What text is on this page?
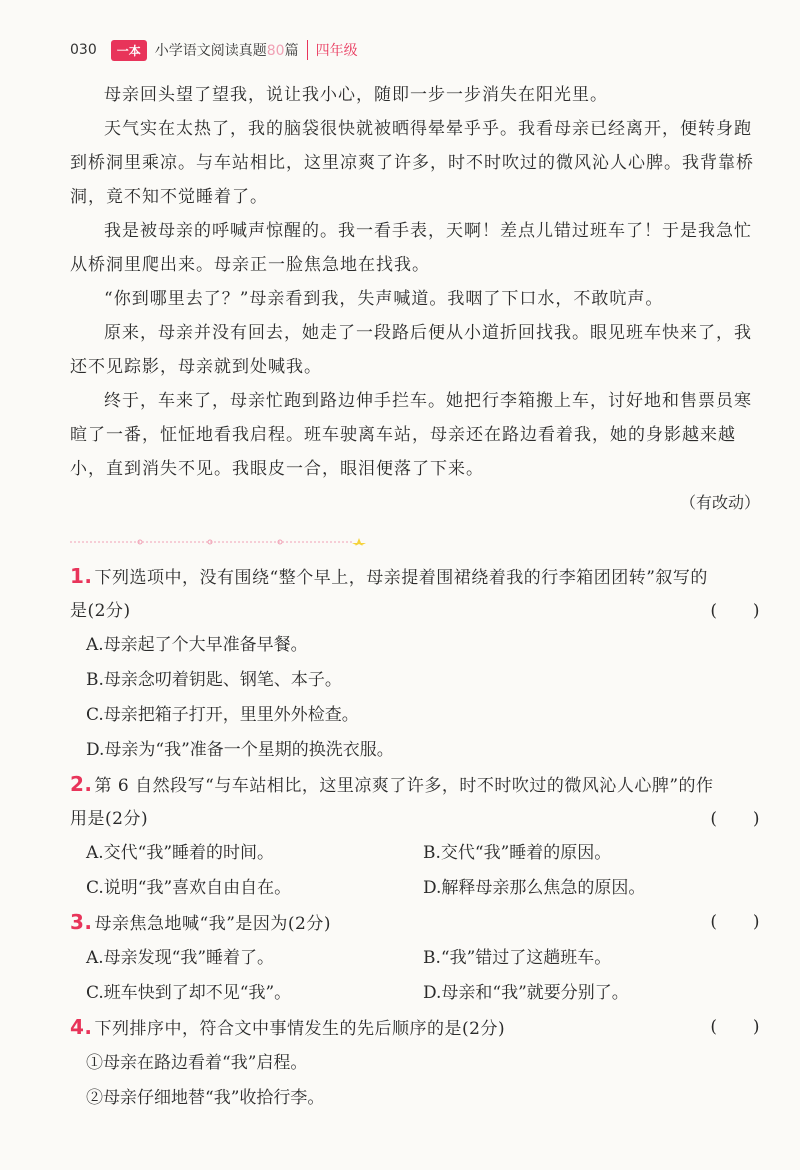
030	一本	小学语文阅读真题80篇	四年级

母亲回头望了望我，说让我小心，随即一步一步消失在阳光里。

天气实在太热了，我的脑袋很快就被晒得晕晕乎乎。我看母亲已经离开，便转身跑到桥洞里乘凉。与车站相比，这里凉爽了许多，时不时吹过的微风沁人心脾。我背靠桥洞，竟不知不觉睡着了。

我是被母亲的呼喊声惊醒的。我一看手表，天啊！差点儿错过班车了！于是我急忙从桥洞里爬出来。母亲正一脸焦急地在找我。

“你到哪里去了？”母亲看到我，失声喊道。我咽了下口水，不敢吭声。

原来，母亲并没有回去，她走了一段路后便从小道折回找我。眼见班车快来了，我还不见踪影，母亲就到处喊我。

终于，车来了，母亲忙跑到路边伸手拦车。她把行李箱搬上车，讨好地和售票员寒暄了一番，怔怔地看我启程。班车驶离车站，母亲还在路边看着我，她的身影越来越小，直到消失不见。我眼皮一合，眼泪便落了下来。

（有改动）
1. 下列选项中，没有围绕“整个早上，母亲提着围裙绕着我的行李箱团团转”叙写的
是(2分)	(      )
A.母亲起了个大早准备早餐。
B.母亲念叨着钥匙、钢笔、本子。
C.母亲把箱子打开，里里外外检查。
D.母亲为“我”准备一个星期的换洗衣服。
2. 第 6 自然段写“与车站相比，这里凉爽了许多，时不时吹过的微风沁人心脾”的作
用是(2分)	(      )
A.交代“我”睡着的时间。	B.交代“我”睡着的原因。
C.说明“我”喜欢自由自在。	D.解释母亲那么焦急的原因。
3. 母亲焦急地喊“我”是因为(2分)	(      )
A.母亲发现“我”睡着了。	B.“我”错过了这趟班车。
C.班车快到了却不见“我”。	D.母亲和“我”就要分别了。
4. 下列排序中，符合文中事情发生的先后顺序的是(2分)	(      )
①母亲在路边看着“我”启程。
②母亲仔细地替“我”收拾行李。
